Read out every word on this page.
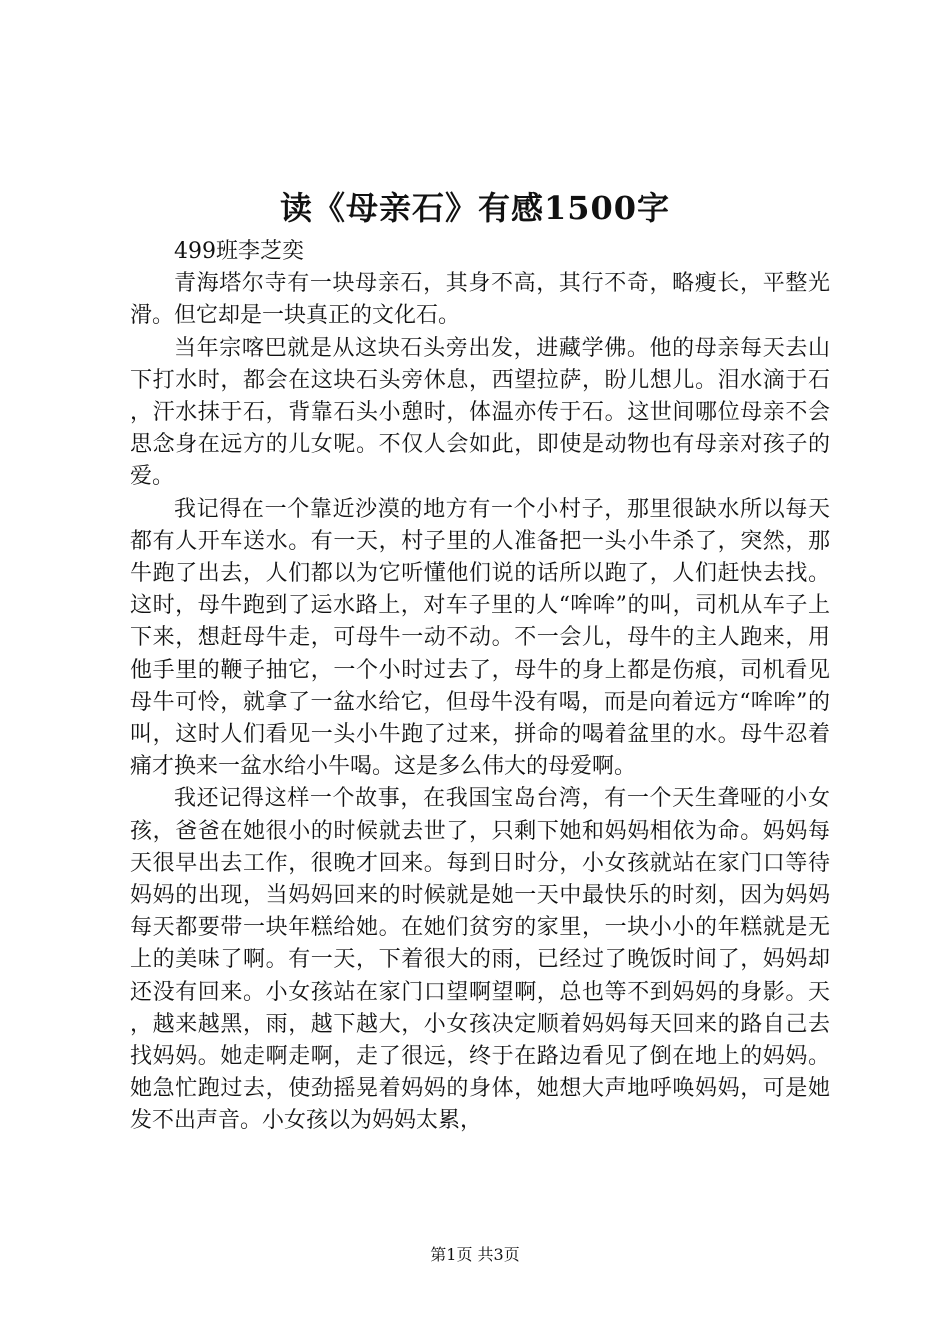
读《母亲石》有感1500字

499班李芝奕

青海塔尔寺有一块母亲石，其身不高，其行不奇，略瘦长，平整光滑。但它却是一块真正的文化石。

当年宗喀巴就是从这块石头旁出发，进藏学佛。他的母亲每天去山下打水时，都会在这块石头旁休息，西望拉萨，盼儿想儿。泪水滴于石，汗水抹于石，背靠石头小憩时，体温亦传于石。这世间哪位母亲不会思念身在远方的儿女呢。不仅人会如此，即使是动物也有母亲对孩子的爱。

我记得在一个靠近沙漠的地方有一个小村子，那里很缺水所以每天都有人开车送水。有一天，村子里的人准备把一头小牛杀了，突然，那牛跑了出去，人们都以为它听懂他们说的话所以跑了，人们赶快去找。这时，母牛跑到了运水路上，对车子里的人“哞哞”的叫，司机从车子上下来，想赶母牛走，可母牛一动不动。不一会儿，母牛的主人跑来，用他手里的鞭子抽它，一个小时过去了，母牛的身上都是伤痕，司机看见母牛可怜，就拿了一盆水给它，但母牛没有喝，而是向着远方“哞哞”的叫，这时人们看见一头小牛跑了过来，拼命的喝着盆里的水。母牛忍着痛才换来一盆水给小牛喝。这是多么伟大的母爱啊。

我还记得这样一个故事，在我国宝岛台湾，有一个天生聋哑的小女孩，爸爸在她很小的时候就去世了，只剩下她和妈妈相依为命。妈妈每天很早出去工作，很晚才回来。每到日时分，小女孩就站在家门口等待妈妈的出现，当妈妈回来的时候就是她一天中最快乐的时刻，因为妈妈每天都要带一块年糕给她。在她们贫穷的家里，一块小小的年糕就是无上的美味了啊。有一天，下着很大的雨，已经过了晚饭时间了，妈妈却还没有回来。小女孩站在家门口望啊望啊，总也等不到妈妈的身影。天，越来越黑，雨，越下越大，小女孩决定顺着妈妈每天回来的路自己去找妈妈。她走啊走啊，走了很远，终于在路边看见了倒在地上的妈妈。她急忙跑过去，使劲摇晃着妈妈的身体，她想大声地呼唤妈妈，可是她发不出声音。小女孩以为妈妈太累，

第1页 共3页
